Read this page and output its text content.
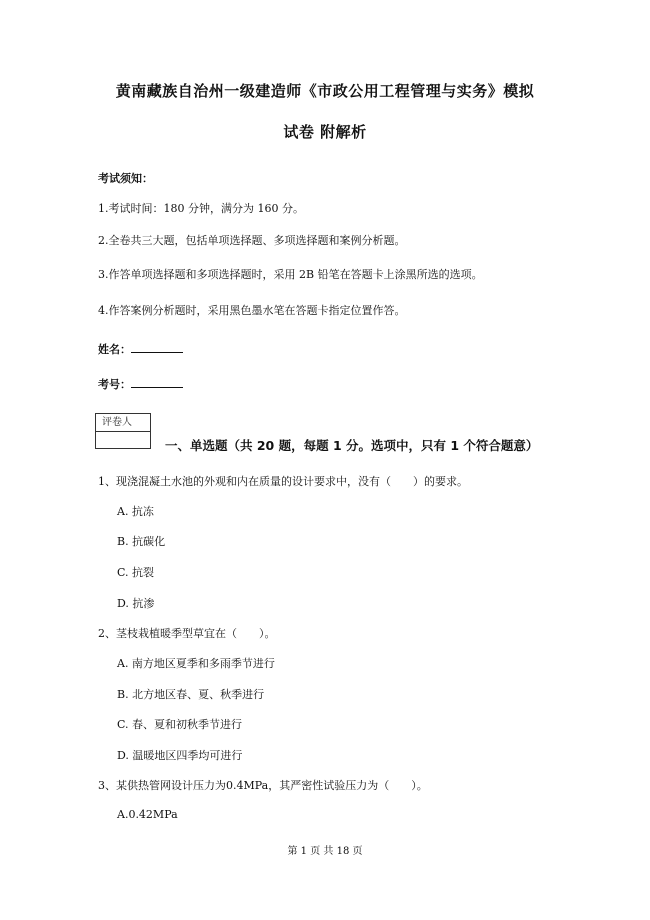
黄南藏族自治州一级建造师《市政公用工程管理与实务》模拟
试卷 附解析
考试须知：
1.考试时间：180 分钟，满分为 160 分。
2.全卷共三大题，包括单项选择题、多项选择题和案例分析题。
3.作答单项选择题和多项选择题时，采用 2B 铅笔在答题卡上涂黑所选的选项。
4.作答案例分析题时，采用黑色墨水笔在答题卡指定位置作答。
姓名：
考号：
评卷人
一、单选题（共 20 题，每题 1 分。选项中，只有 1 个符合题意）
1、现浇混凝土水池的外观和内在质量的设计要求中，没有（　　）的要求。
A. 抗冻
B. 抗碳化
C. 抗裂
D. 抗渗
2、茎枝栽植暖季型草宜在（　　）。
A. 南方地区夏季和多雨季节进行
B. 北方地区春、夏、秋季进行
C. 春、夏和初秋季节进行
D. 温暖地区四季均可进行
3、某供热管网设计压力为0.4MPa，其严密性试验压力为（　　）。
A.0.42MPa
第 1 页 共 18 页
